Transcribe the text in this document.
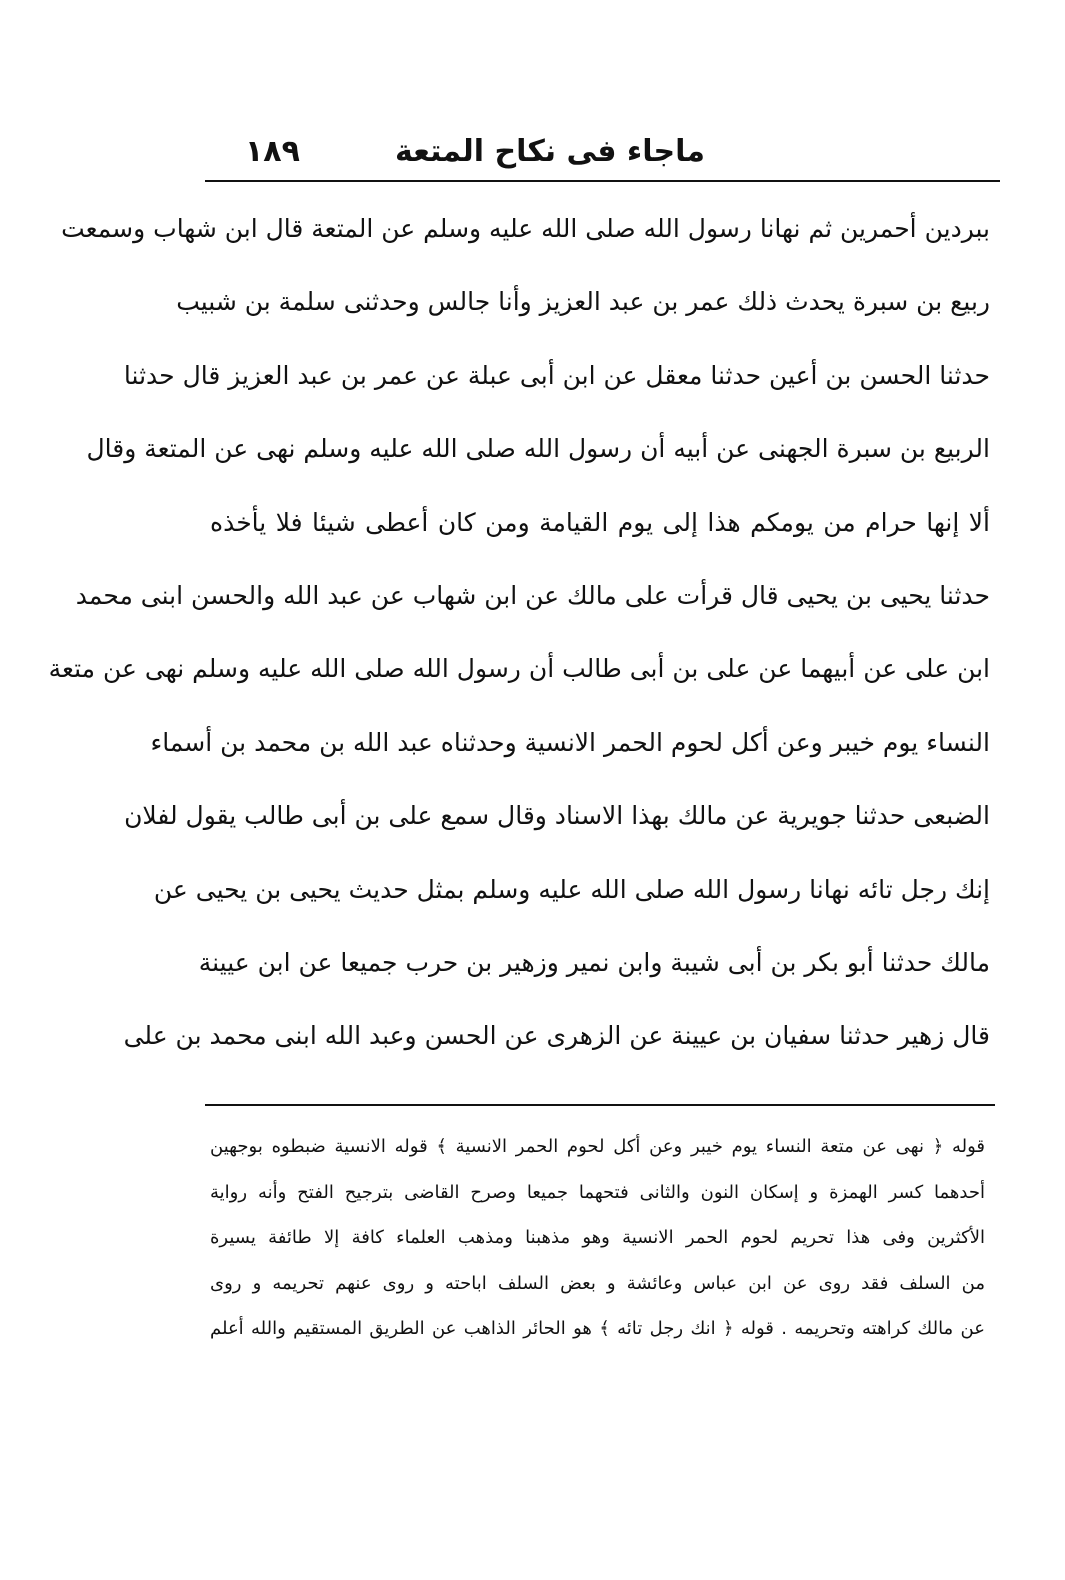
ماجاء فى نكاح المتعة
١٨٩
ببردين أحمرين ثم نهانا رسول الله صلى الله عليه وسلم عن المتعة قال ابن شهاب وسمعت
ربيع بن سبرة يحدث ذلك عمر بن عبد العزيز وأنا جالس وحدثنى سلمة بن شبيب
حدثنا الحسن بن أعين حدثنا معقل عن ابن أبى عبلة عن عمر بن عبد العزيز قال حدثنا
الربيع بن سبرة الجهنى عن أبيه أن رسول الله صلى الله عليه وسلم نهى عن المتعة وقال
ألا إنها حرام من يومكم هذا إلى يوم القيامة ومن كان أعطى شيئا فلا يأخذه
حدثنا يحيى بن يحيى قال قرأت على مالك عن ابن شهاب عن عبد الله والحسن ابنى محمد
ابن على عن أبيهما عن على بن أبى طالب أن رسول الله صلى الله عليه وسلم نهى عن متعة
النساء يوم خيبر وعن أكل لحوم الحمر الانسية وحدثناه عبد الله بن محمد بن أسماء
الضبعى حدثنا جويرية عن مالك بهذا الاسناد وقال سمع على بن أبى طالب يقول لفلان
إنك رجل تائه نهانا رسول الله صلى الله عليه وسلم بمثل حديث يحيى بن يحيى عن
مالك حدثنا أبو بكر بن أبى شيبة وابن نمير وزهير بن حرب جميعا عن ابن عيينة
قال زهير حدثنا سفيان بن عيينة عن الزهرى عن الحسن وعبد الله ابنى محمد بن على
قوله ﴿ نهى عن متعة النساء يوم خيبر وعن أكل لحوم الحمر الانسية ﴾ قوله الانسية ضبطوه بوجهين
أحدهما كسر الهمزة و إسكان النون والثانى فتحهما جميعا وصرح القاضى بترجيح الفتح وأنه رواية
الأكثرين وفى هذا تحريم لحوم الحمر الانسية وهو مذهبنا ومذهب العلماء كافة إلا طائفة يسيرة
من السلف فقد روى عن ابن عباس وعائشة و بعض السلف اباحته و روى عنهم تحريمه و روى
عن مالك كراهته وتحريمه . قوله ﴿ انك رجل تائه ﴾ هو الحائر الذاهب عن الطريق المستقيم والله أعلم
